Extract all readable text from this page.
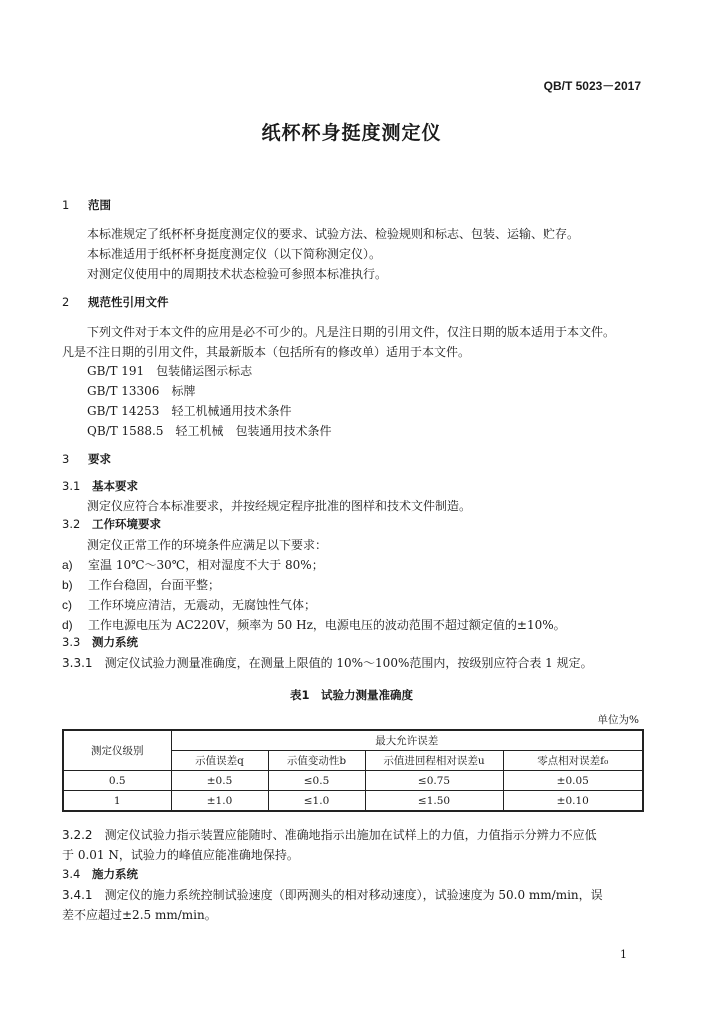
QB/T 5023－2017
纸杯杯身挺度测定仪
1 范围
本标准规定了纸杯杯身挺度测定仪的要求、试验方法、检验规则和标志、包装、运输、贮存。
本标准适用于纸杯杯身挺度测定仪（以下简称测定仪）。
对测定仪使用中的周期技术状态检验可参照本标准执行。
2 规范性引用文件
下列文件对于本文件的应用是必不可少的。凡是注日期的引用文件，仅注日期的版本适用于本文件。
凡是不注日期的引用文件，其最新版本（包括所有的修改单）适用于本文件。
GB/T 191　包装储运图示标志
GB/T 13306　标牌
GB/T 14253　轻工机械通用技术条件
QB/T 1588.5　轻工机械　包装通用技术条件
3 要求
3.1 基本要求
测定仪应符合本标准要求，并按经规定程序批准的图样和技术文件制造。
3.2 工作环境要求
测定仪正常工作的环境条件应满足以下要求：
a) 室温 10℃～30℃，相对湿度不大于 80%；
b) 工作台稳固，台面平整；
c) 工作环境应清洁，无震动，无腐蚀性气体；
d) 工作电源电压为 AC220V，频率为 50 Hz，电源电压的波动范围不超过额定值的±10%。
3.3 测力系统
3.3.1　 测定仪试验力测量准确度，在测量上限值的 10%～100%范围内，按级别应符合表 1 规定。
表1　试验力测量准确度
单位为%
测定仪级别	最大允许误差			
	示值误差q	示值变动性b	示值进回程相对误差u	零点相对误差f₀
0.5	±0.5	≤0.5	≤0.75	±0.05
1	±1.0	≤1.0	≤1.50	±0.10
3.2.2　 测定仪试验力指示装置应能随时、准确地指示出施加在试样上的力值，力值指示分辨力不应低
于 0.01 N，试验力的峰值应能准确地保持。
3.4 施力系统
3.4.1　 测定仪的施力系统控制试验速度（即两测头的相对移动速度），试验速度为 50.0 mm/min，误
差不应超过±2.5 mm/min。
1
